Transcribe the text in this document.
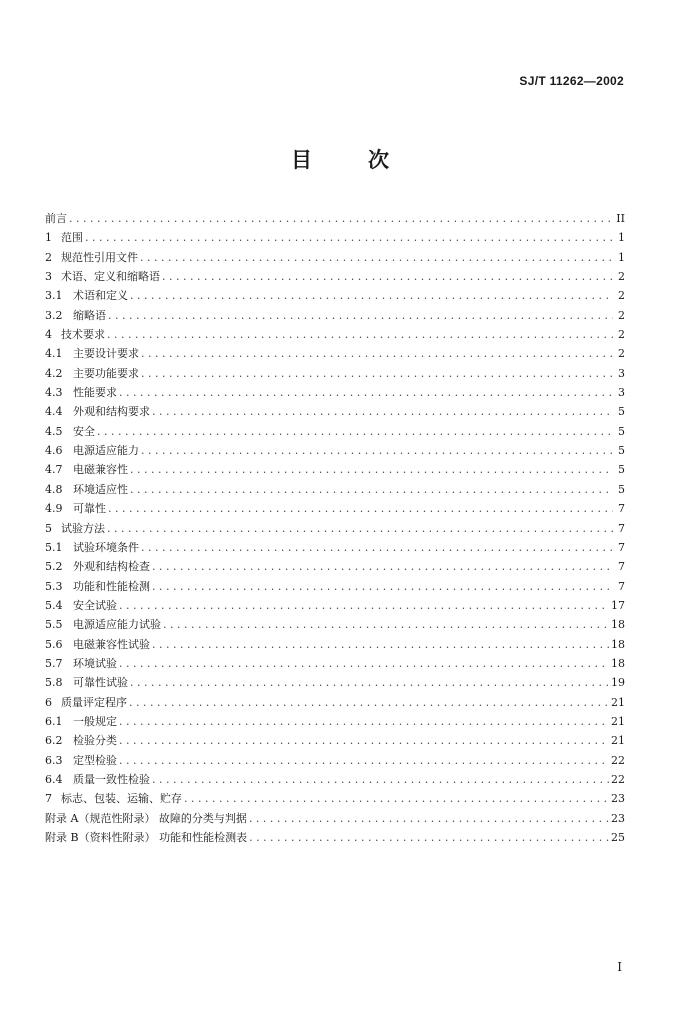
SJ/T 11262—2002
目	次
前言 . . .	II
1 范围 . . .	1
2 规范性引用文件 . . .	1
3 术语、定义和缩略语 . . .	2
3.1 术语和定义 . . .	2
3.2 缩略语 . . .	2
4 技术要求 . . .	2
4.1 主要设计要求 . . .	2
4.2 主要功能要求 . . .	3
4.3 性能要求 . . .	3
4.4 外观和结构要求 . . .	5
4.5 安全 . . .	5
4.6 电源适应能力 . . .	5
4.7 电磁兼容性 . . .	5
4.8 环境适应性 . . .	5
4.9 可靠性 . . .	7
5 试验方法 . . .	7
5.1 试验环境条件 . . .	7
5.2 外观和结构检查 . . .	7
5.3 功能和性能检测 . . .	7
5.4 安全试验 . . .	17
5.5 电源适应能力试验 . . .	18
5.6 电磁兼容性试验 . . .	18
5.7 环境试验 . . .	18
5.8 可靠性试验 . . .	19
6 质量评定程序 . . .	21
6.1 一般规定 . . .	21
6.2 检验分类 . . .	21
6.3 定型检验 . . .	22
6.4 质量一致性检验 . . .	22
7 标志、包装、运输、贮存 . . .	23
附录 A（规范性附录） 故障的分类与判据 . . .	23
附录 B（资料性附录） 功能和性能检测表 . . .	25
I
